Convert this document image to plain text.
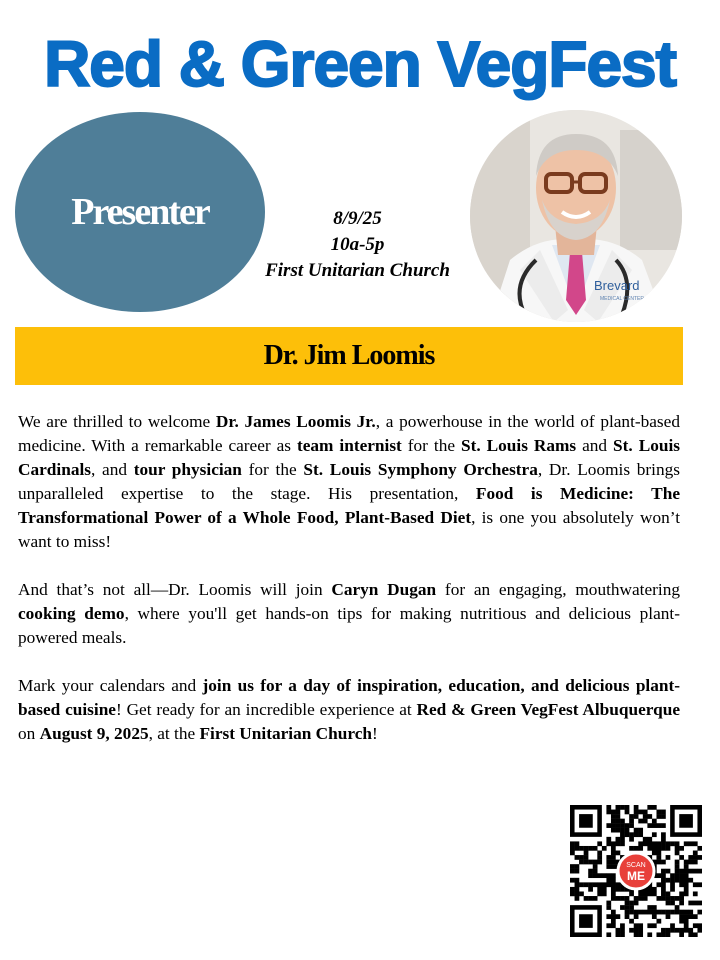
Red & Green VegFest
Presenter	8/9/25
10a-5p
First Unitarian Church
Brevard
MEDICAL CENTER
Dr. Jim Loomis

We are thrilled to welcome Dr. James Loomis Jr., a powerhouse in the world of plant-based medicine. With a remarkable career as team internist for the St. Louis Rams and St. Louis Cardinals, and tour physician for the St. Louis Symphony Orchestra, Dr. Loomis brings unparalleled expertise to the stage. His presentation, Food is Medicine: The Transformational Power of a Whole Food, Plant-Based Diet, is one you absolutely won’t want to miss!

And that’s not all—Dr. Loomis will join Caryn Dugan for an engaging, mouthwatering cooking demo, where you'll get hands-on tips for making nutritious and delicious plant-powered meals.

Mark your calendars and join us for a day of inspiration, education, and delicious plant-based cuisine! Get ready for an incredible experience at Red & Green VegFest Albuquerque on August 9, 2025, at the First Unitarian Church!

SCAN
ME
